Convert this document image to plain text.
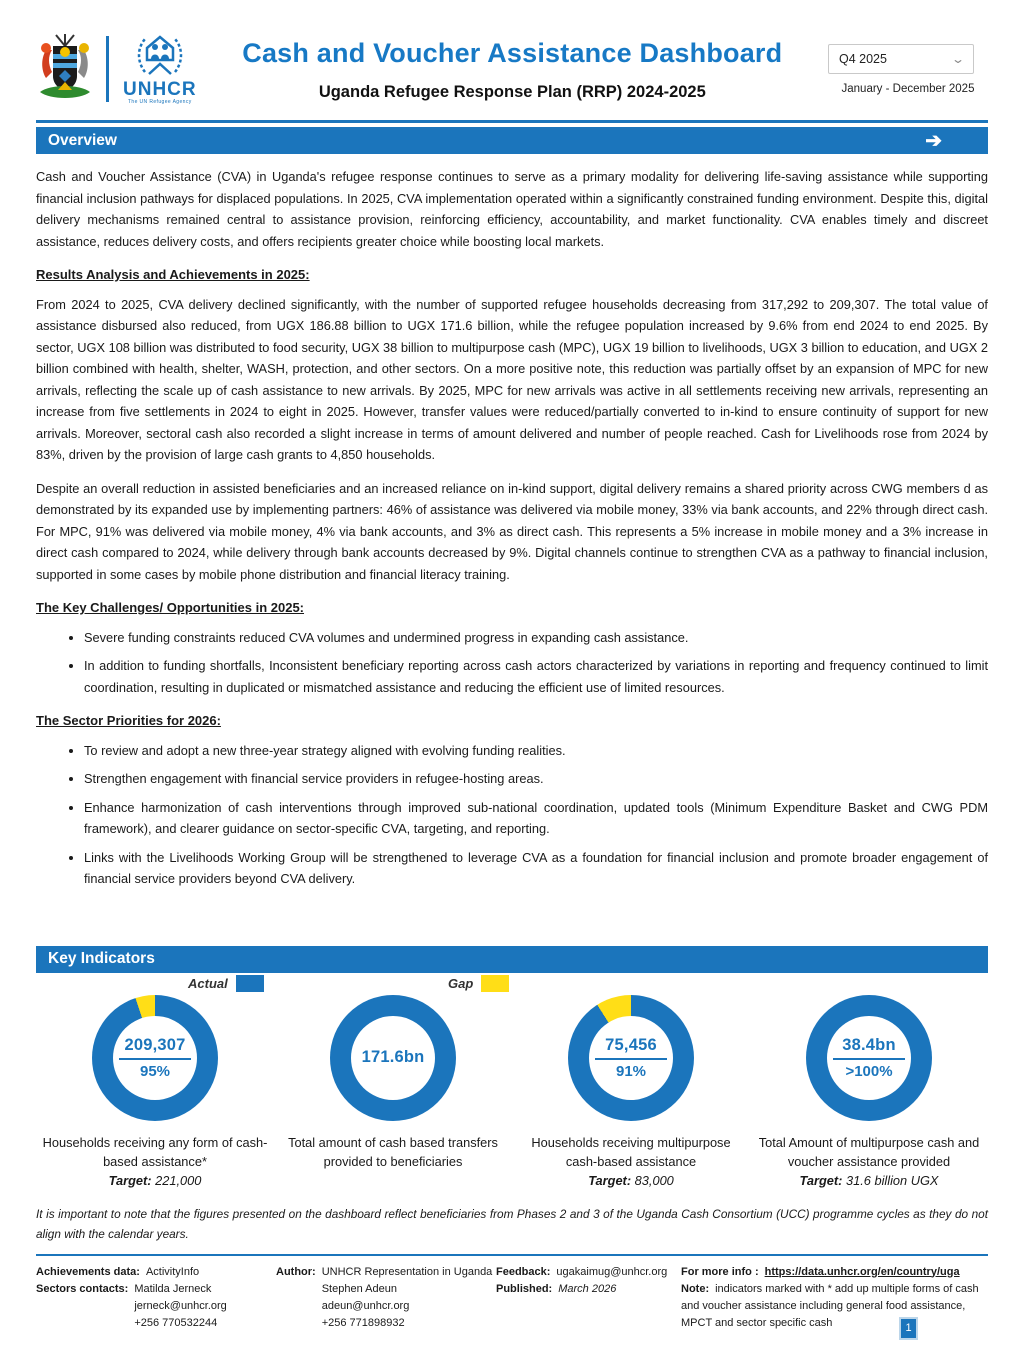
UNHCR
The UN Refugee Agency
Cash and Voucher Assistance Dashboard
Uganda Refugee Response Plan (RRP) 2024-2025
Q4 2025	⌄
January - December 2025
Overview	➔
Cash and Voucher Assistance (CVA) in Uganda's refugee response continues to serve as a primary modality for delivering life-saving assistance while supporting financial inclusion pathways for displaced populations. In 2025, CVA implementation operated within a significantly constrained funding environment. Despite this, digital delivery mechanisms remained central to assistance provision, reinforcing efficiency, accountability, and market functionality. CVA enables timely and discreet assistance, reduces delivery costs, and offers recipients greater choice while boosting local markets.
Results Analysis and Achievements in 2025:
From 2024 to 2025, CVA delivery declined significantly, with the number of supported refugee households decreasing from 317,292 to 209,307. The total value of assistance disbursed also reduced, from UGX 186.88 billion to UGX 171.6 billion, while the refugee population increased by 9.6% from end 2024 to end 2025. By sector, UGX 108 billion was distributed to food security, UGX 38 billion to multipurpose cash (MPC), UGX 19 billion to livelihoods, UGX 3 billion to education, and UGX 2 billion combined with health, shelter, WASH, protection, and other sectors. On a more positive note, this reduction was partially offset by an expansion of MPC for new arrivals, reflecting the scale up of cash assistance to new arrivals. By 2025, MPC for new arrivals was active in all settlements receiving new arrivals, representing an increase from five settlements in 2024 to eight in 2025. However, transfer values were reduced/partially converted to in-kind to ensure continuity of support for new arrivals. Moreover, sectoral cash also recorded a slight increase in terms of amount delivered and number of people reached. Cash for Livelihoods rose from 2024 by 83%, driven by the provision of large cash grants to 4,850 households.
Despite an overall reduction in assisted beneficiaries and an increased reliance on in-kind support, digital delivery remains a shared priority across CWG members d as demonstrated by its expanded use by implementing partners: 46% of assistance was delivered via mobile money, 33% via bank accounts, and 22% through direct cash. For MPC, 91% was delivered via mobile money, 4% via bank accounts, and 3% as direct cash. This represents a 5% increase in mobile money and a 3% increase in direct cash compared to 2024, while delivery through bank accounts decreased by 9%. Digital channels continue to strengthen CVA as a pathway to financial inclusion, supported in some cases by mobile phone distribution and financial literacy training.
The Key Challenges/ Opportunities in 2025:
• Severe funding constraints reduced CVA volumes and undermined progress in expanding cash assistance.
• In addition to funding shortfalls, Inconsistent beneficiary reporting across cash actors characterized by variations in reporting and frequency continued to limit coordination, resulting in duplicated or mismatched assistance and reducing the efficient use of limited resources.
The Sector Priorities for 2026:
• To review and adopt a new three-year strategy aligned with evolving funding realities.
• Strengthen engagement with financial service providers in refugee-hosting areas.
• Enhance harmonization of cash interventions through improved sub-national coordination, updated tools (Minimum Expenditure Basket and CWG PDM framework), and clearer guidance on sector-specific CVA, targeting, and reporting.
• Links with the Livelihoods Working Group will be strengthened to leverage CVA as a foundation for financial inclusion and promote broader engagement of financial service providers beyond CVA delivery.
Key Indicators
Actual	Gap
209,307
95%
Households receiving any form of cash-based assistance*
Target: 221,000
171.6bn
Total amount of cash based transfers provided to beneficiaries
75,456
91%
Households receiving multipurpose cash-based assistance
Target: 83,000
38.4bn
>100%
Total Amount of multipurpose cash and voucher assistance provided
Target: 31.6 billion UGX
It is important to note that the figures presented on the dashboard reflect beneficiaries from Phases 2 and 3 of the Uganda Cash Consortium (UCC) programme cycles as they do not align with the calendar years.
Achievements data: ActivityInfo
Sectors contacts: Matilda Jerneck
jerneck@unhcr.org
+256 770532244
Author: UNHCR Representation in Uganda
Stephen Adeun
adeun@unhcr.org
+256 771898932
Feedback: ugakaimug@unhcr.org
Published: March 2026
For more info : https://data.unhcr.org/en/country/uga
Note: indicators marked with * add up multiple forms of cash and voucher assistance including general food assistance, MPCT and sector specific cash	1
